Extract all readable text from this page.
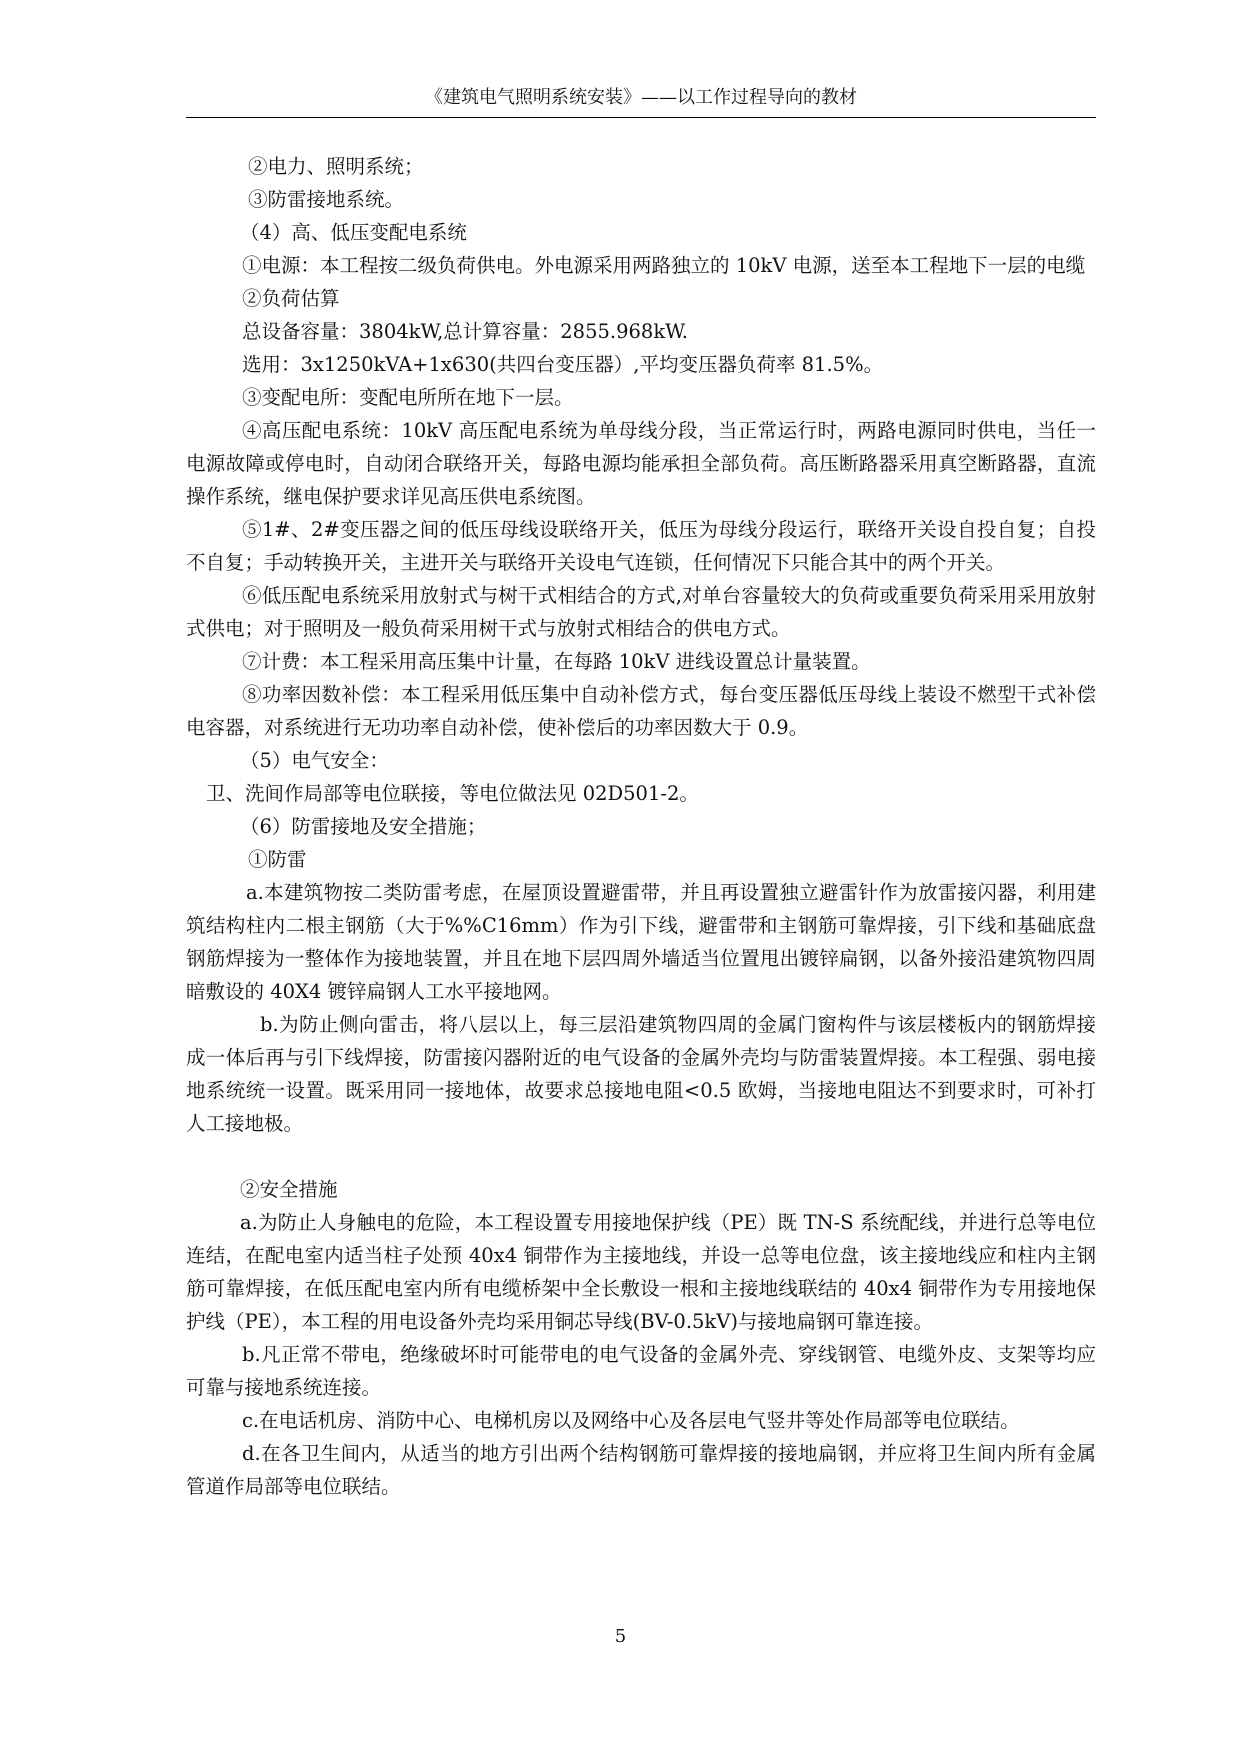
《建筑电气照明系统安装》——以工作过程导向的教材

②电力、照明系统；

③防雷接地系统。

（4）高、低压变配电系统

①电源：本工程按二级负荷供电。外电源采用两路独立的 10kV 电源，送至本工程地下一层的电缆

②负荷估算

总设备容量：3804kW,总计算容量：2855.968kW.

选用：3x1250kVA+1x630(共四台变压器）,平均变压器负荷率 81.5%。

③变配电所：变配电所所在地下一层。

④高压配电系统：10kV 高压配电系统为单母线分段，当正常运行时，两路电源同时供电，当任一电源故障或停电时，自动闭合联络开关，每路电源均能承担全部负荷。高压断路器采用真空断路器，直流操作系统，继电保护要求详见高压供电系统图。

⑤1#、2#变压器之间的低压母线设联络开关，低压为母线分段运行，联络开关设自投自复；自投不自复；手动转换开关，主进开关与联络开关设电气连锁，任何情况下只能合其中的两个开关。

⑥低压配电系统采用放射式与树干式相结合的方式,对单台容量较大的负荷或重要负荷采用采用放射式供电；对于照明及一般负荷采用树干式与放射式相结合的供电方式。

⑦计费：本工程采用高压集中计量，在每路 10kV 进线设置总计量装置。

⑧功率因数补偿：本工程采用低压集中自动补偿方式，每台变压器低压母线上装设不燃型干式补偿电容器，对系统进行无功功率自动补偿，使补偿后的功率因数大于 0.9。

（5）电气安全：

卫、洗间作局部等电位联接，等电位做法见 02D501-2。

（6）防雷接地及安全措施；

①防雷

a.本建筑物按二类防雷考虑，在屋顶设置避雷带，并且再设置独立避雷针作为放雷接闪器，利用建筑结构柱内二根主钢筋（大于%%C16mm）作为引下线，避雷带和主钢筋可靠焊接，引下线和基础底盘钢筋焊接为一整体作为接地装置，并且在地下层四周外墙适当位置甩出镀锌扁钢，以备外接沿建筑物四周暗敷设的 40X4 镀锌扁钢人工水平接地网。

b.为防止侧向雷击，将八层以上，每三层沿建筑物四周的金属门窗构件与该层楼板内的钢筋焊接成一体后再与引下线焊接，防雷接闪器附近的电气设备的金属外壳均与防雷装置焊接。本工程强、弱电接地系统统一设置。既采用同一接地体，故要求总接地电阻<0.5 欧姆，当接地电阻达不到要求时，可补打人工接地极。

②安全措施

a.为防止人身触电的危险，本工程设置专用接地保护线（PE）既 TN-S 系统配线，并进行总等电位连结，在配电室内适当柱子处预 40x4 铜带作为主接地线，并设一总等电位盘，该主接地线应和柱内主钢筋可靠焊接，在低压配电室内所有电缆桥架中全长敷设一根和主接地线联结的 40x4 铜带作为专用接地保护线（PE），本工程的用电设备外壳均采用铜芯导线(BV-0.5kV)与接地扁钢可靠连接。

b.凡正常不带电，绝缘破坏时可能带电的电气设备的金属外壳、穿线钢管、电缆外皮、支架等均应可靠与接地系统连接。

c.在电话机房、消防中心、电梯机房以及网络中心及各层电气竖井等处作局部等电位联结。

d.在各卫生间内，从适当的地方引出两个结构钢筋可靠焊接的接地扁钢，并应将卫生间内所有金属管道作局部等电位联结。

5
